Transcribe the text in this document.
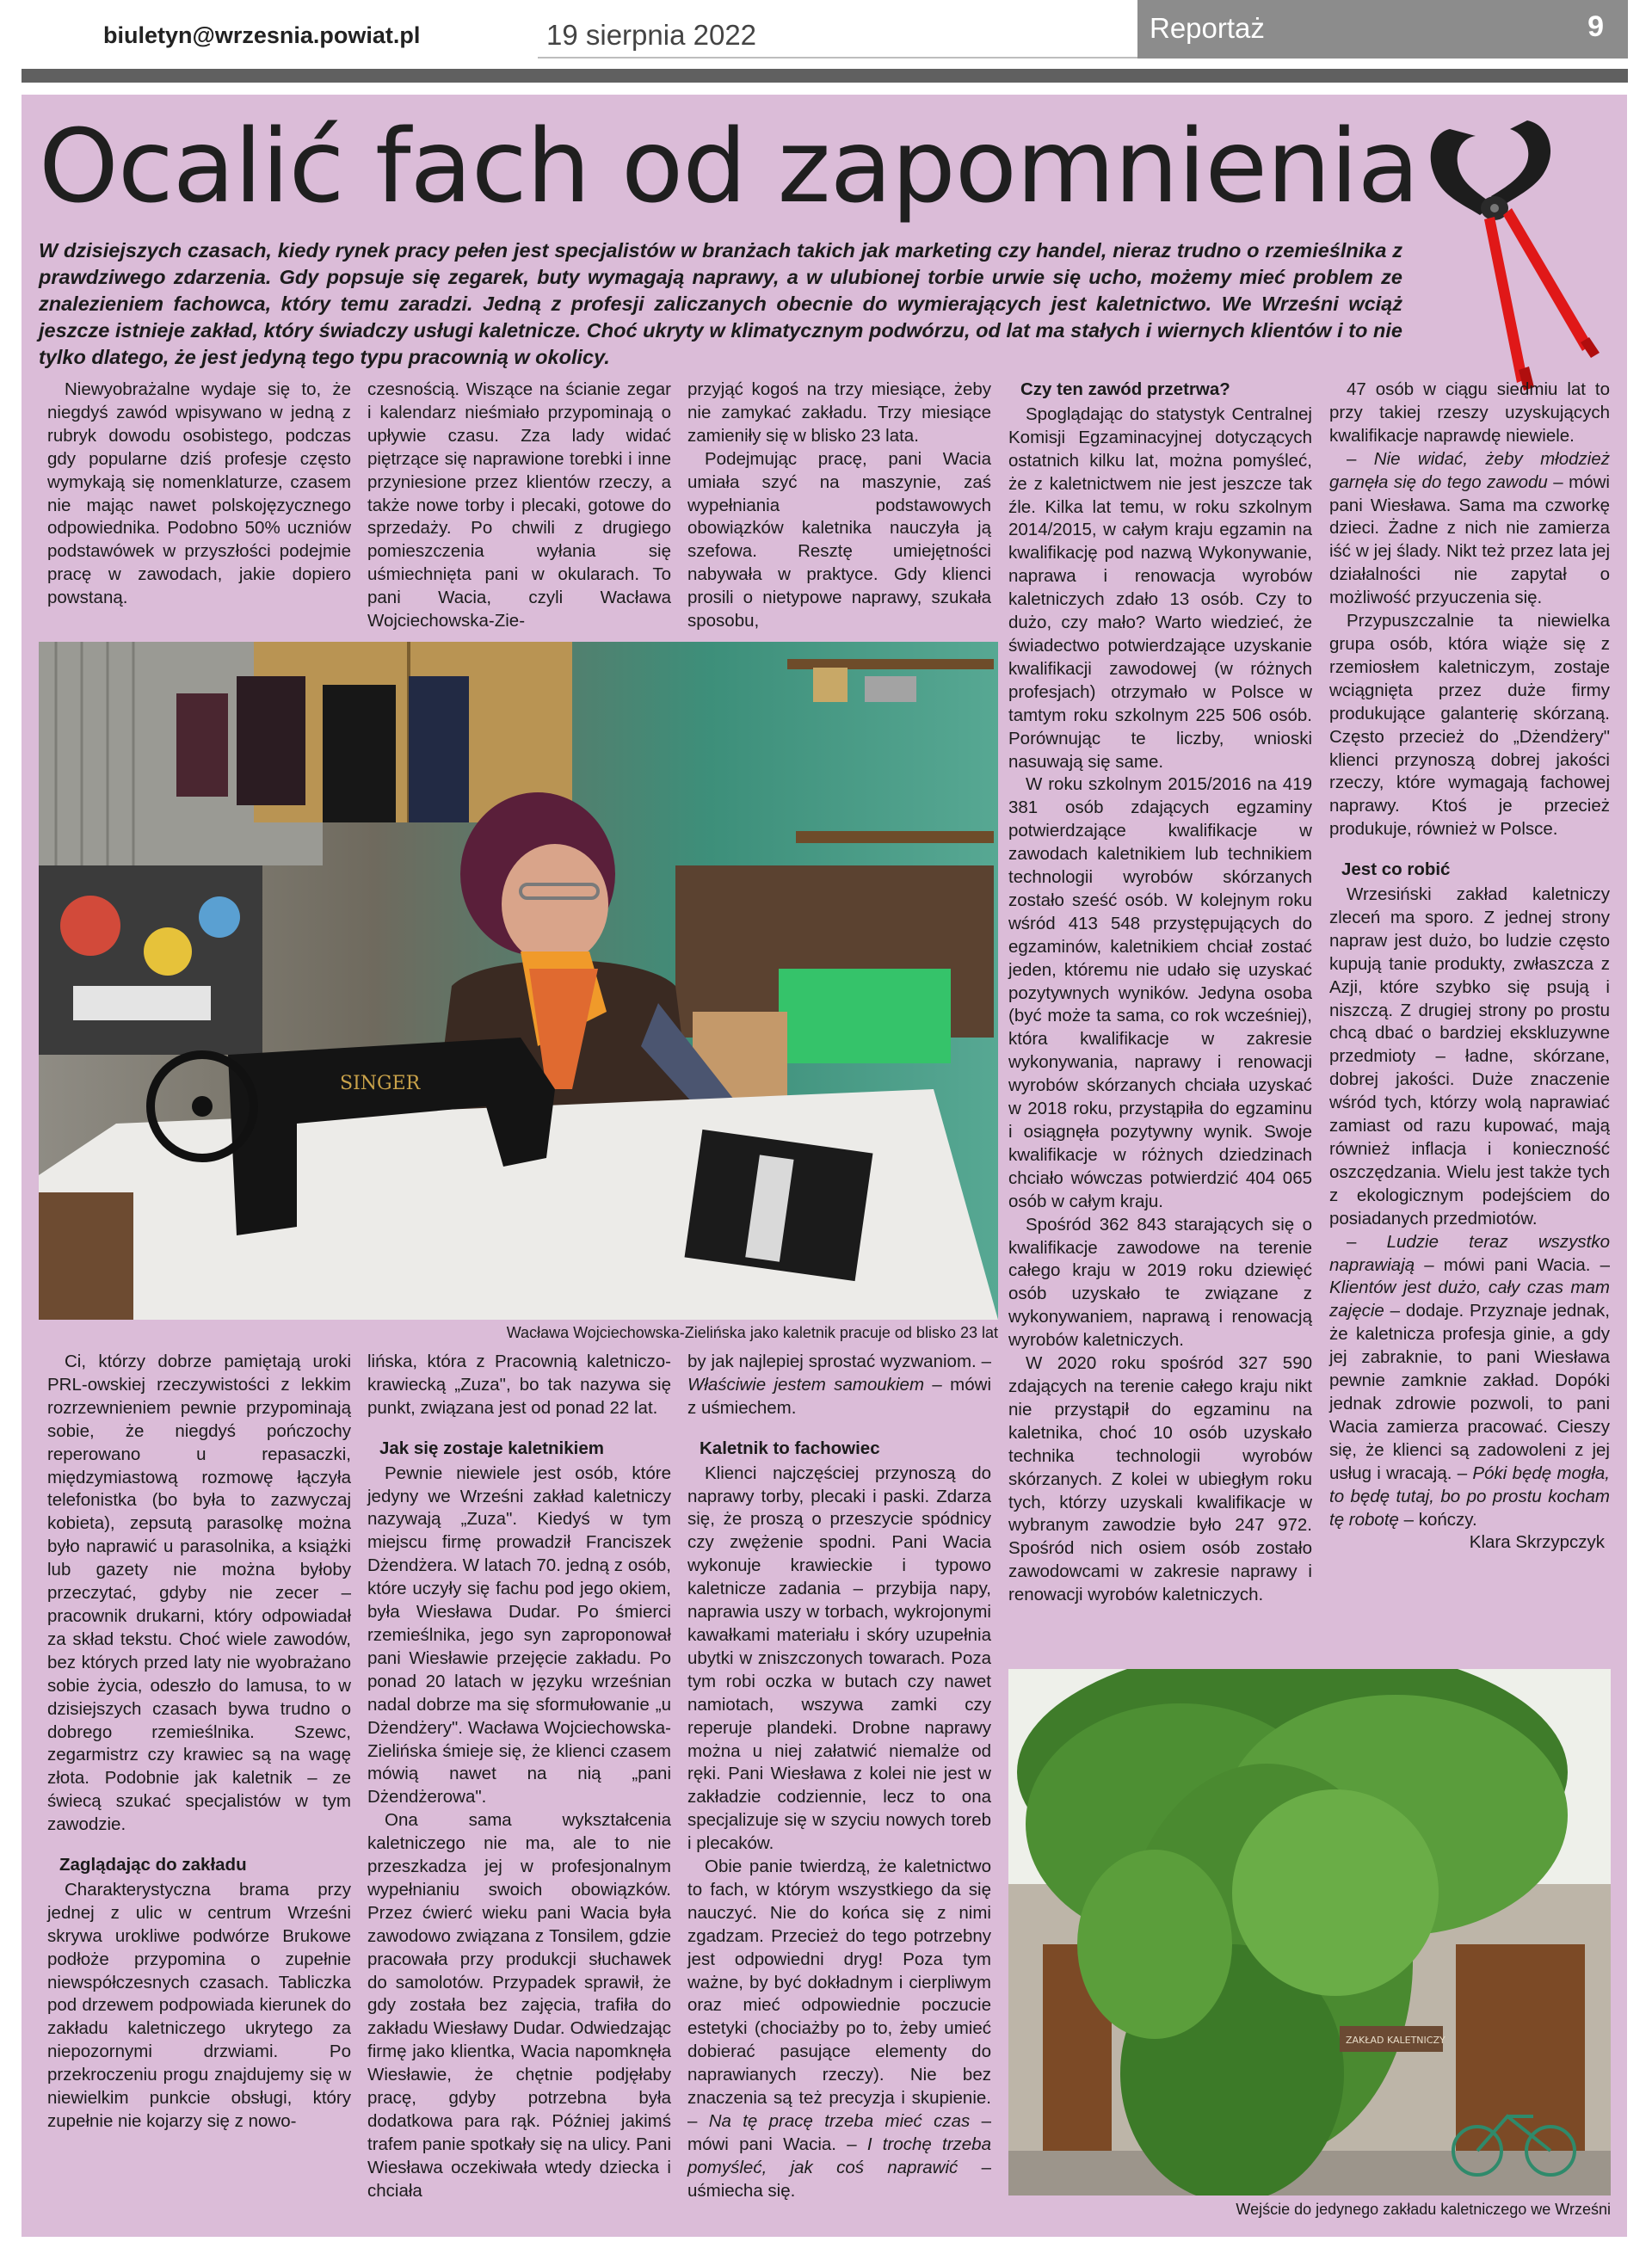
biuletyn@wrzesnia.powiat.pl	19 sierpnia 2022	Reportaż	9
Ocalić fach od zapomnienia

W dzisiejszych czasach, kiedy rynek pracy pełen jest specjalistów w branżach takich jak marketing czy handel, nieraz trudno o rzemieślnika z prawdziwego zdarzenia. Gdy popsuje się zegarek, buty wymagają naprawy, a w ulubionej torbie urwie się ucho, możemy mieć problem ze znalezieniem fachowca, który temu zaradzi. Jedną z profesji zaliczanych obecnie do wymierających jest kaletnictwo. We Wrześni wciąż jeszcze istnieje zakład, który świadczy usługi kaletnicze. Choć ukryty w klimatycznym podwórzu, od lat ma stałych i wiernych klientów i to nie tylko dlatego, że jest jedyną tego typu pracownią w okolicy.

Niewyobrażalne wydaje się to, że niegdyś zawód wpisywano w jedną z rubryk dowodu osobistego, podczas gdy popularne dziś profesje często wymykają się nomenklaturze, czasem nie mając nawet polskojęzycznego odpowiednika. Podobno 50% uczniów podstawówek w przyszłości podejmie pracę w zawodach, jakie dopiero powstaną.

czesnością. Wiszące na ścianie zegar i kalendarz nieśmiało przypominają o upływie czasu. Zza lady widać piętrzące się naprawione torebki i inne przyniesione przez klientów rzeczy, a także nowe torby i plecaki, gotowe do sprzedaży. Po chwili z drugiego pomieszczenia wyłania się uśmiechnięta pani w okularach. To pani Wacia, czyli Wacława Wojciechowska-Zie-

przyjąć kogoś na trzy miesiące, żeby nie zamykać zakładu. Trzy miesiące zamieniły się w blisko 23 lata.

Podejmując pracę, pani Wacia umiała szyć na maszynie, zaś wypełniania podstawowych obowiązków kaletnika nauczyła ją szefowa. Resztę umiejętności nabywała w praktyce. Gdy klienci prosili o nietypowe naprawy, szukała sposobu,

SINGER
Wacława Wojciechowska-Zielińska jako kaletnik pracuje od blisko 23 lat

Ci, którzy dobrze pamiętają uroki PRL-owskiej rzeczywistości z lekkim rozrzewnieniem pewnie przypominają sobie, że niegdyś pończochy reperowano u repasaczki, międzymiastową rozmowę łączyła telefonistka (bo była to zazwyczaj kobieta), zepsutą parasolkę można było naprawić u parasolnika, a książki lub gazety nie można byłoby przeczytać, gdyby nie zecer – pracownik drukarni, który odpowiadał za skład tekstu. Choć wiele zawodów, bez których przed laty nie wyobrażano sobie życia, odeszło do lamusa, to w dzisiejszych czasach bywa trudno o dobrego rzemieślnika. Szewc, zegarmistrz czy krawiec są na wagę złota. Podobnie jak kaletnik – ze świecą szukać specjalistów w tym zawodzie.

Zaglądając do zakładu

Charakterystyczna brama przy jednej z ulic w centrum Wrześni skrywa urokliwe podwórze Brukowe podłoże przypomina o zupełnie niewspółczesnych czasach. Tabliczka pod drzewem podpowiada kierunek do zakładu kaletniczego ukrytego za niepozornymi drzwiami. Po przekroczeniu progu znajdujemy się w niewielkim punkcie obsługi, który zupełnie nie kojarzy się z nowo-

lińska, która z Pracownią kaletniczo-krawiecką „Zuza", bo tak nazywa się punkt, związana jest od ponad 22 lat.

Jak się zostaje kaletnikiem

Pewnie niewiele jest osób, które jedyny we Wrześni zakład kaletniczy nazywają „Zuza". Kiedyś w tym miejscu firmę prowadził Franciszek Dżendżera. W latach 70. jedną z osób, które uczyły się fachu pod jego okiem, była Wiesława Dudar. Po śmierci rzemieślnika, jego syn zaproponował pani Wiesławie przejęcie zakładu. Po ponad 20 latach w języku wrześnian nadal dobrze ma się sformułowanie „u Dżendżery". Wacława Wojciechowska-Zielińska śmieje się, że klienci czasem mówią nawet na nią „pani Dżendżerowa".

Ona sama wykształcenia kaletniczego nie ma, ale to nie przeszkadza jej w profesjonalnym wypełnianiu swoich obowiązków. Przez ćwierć wieku pani Wacia była zawodowo związana z Tonsilem, gdzie pracowała przy produkcji słuchawek do samolotów. Przypadek sprawił, że gdy została bez zajęcia, trafiła do zakładu Wiesławy Dudar. Odwiedzając firmę jako klientka, Wacia napomknęła Wiesławie, że chętnie podjęłaby pracę, gdyby potrzebna była dodatkowa para rąk. Później jakimś trafem panie spotkały się na ulicy. Pani Wiesława oczekiwała wtedy dziecka i chciała

by jak najlepiej sprostać wyzwaniom. – Właściwie jestem samoukiem – mówi z uśmiechem.

Kaletnik to fachowiec

Klienci najczęściej przynoszą do naprawy torby, plecaki i paski. Zdarza się, że proszą o przeszycie spódnicy czy zwężenie spodni. Pani Wacia wykonuje krawieckie i typowo kaletnicze zadania – przybija napy, naprawia uszy w torbach, wykrojonymi kawałkami materiału i skóry uzupełnia ubytki w zniszczonych towarach. Poza tym robi oczka w butach czy nawet namiotach, wszywa zamki czy reperuje plandeki. Drobne naprawy można u niej załatwić niemalże od ręki. Pani Wiesława z kolei nie jest w zakładzie codziennie, lecz to ona specjalizuje się w szyciu nowych toreb i plecaków.

Obie panie twierdzą, że kaletnictwo to fach, w którym wszystkiego da się nauczyć. Nie do końca się z nimi zgadzam. Przecież do tego potrzebny jest odpowiedni dryg! Poza tym ważne, by być dokładnym i cierpliwym oraz mieć odpowiednie poczucie estetyki (chociażby po to, żeby umieć dobierać pasujące elementy do naprawianych rzeczy). Nie bez znaczenia są też precyzja i skupienie. – Na tę pracę trzeba mieć czas – mówi pani Wacia. – I trochę trzeba pomyśleć, jak coś naprawić – uśmiecha się.

Czy ten zawód przetrwa?

Spoglądając do statystyk Centralnej Komisji Egzaminacyjnej dotyczących ostatnich kilku lat, można pomyśleć, że z kaletnictwem nie jest jeszcze tak źle. Kilka lat temu, w roku szkolnym 2014/2015, w całym kraju egzamin na kwalifikację pod nazwą Wykonywanie, naprawa i renowacja wyrobów kaletniczych zdało 13 osób. Czy to dużo, czy mało? Warto wiedzieć, że świadectwo potwierdzające uzyskanie kwalifikacji zawodowej (w różnych profesjach) otrzymało w Polsce w tamtym roku szkolnym 225 506 osób. Porównując te liczby, wnioski nasuwają się same.

W roku szkolnym 2015/2016 na 419 381 osób zdających egzaminy potwierdzające kwalifikacje w zawodach kaletnikiem lub technikiem technologii wyrobów skórzanych zostało sześć osób. W kolejnym roku wśród 413 548 przystępujących do egzaminów, kaletnikiem chciał zostać jeden, któremu nie udało się uzyskać pozytywnych wyników. Jedyna osoba (być może ta sama, co rok wcześniej), która kwalifikacje w zakresie wykonywania, naprawy i renowacji wyrobów skórzanych chciała uzyskać w 2018 roku, przystąpiła do egzaminu i osiągnęła pozytywny wynik. Swoje kwalifikacje w różnych dziedzinach chciało wówczas potwierdzić 404 065 osób w całym kraju.

Spośród 362 843 starających się o kwalifikacje zawodowe na terenie całego kraju w 2019 roku dziewięć osób uzyskało te związane z wykonywaniem, naprawą i renowacją wyrobów kaletniczych.

W 2020 roku spośród 327 590 zdających na terenie całego kraju nikt nie przystąpił do egzaminu na kaletnika, choć 10 osób uzyskało technika technologii wyrobów skórzanych. Z kolei w ubiegłym roku tych, którzy uzyskali kwalifikacje w wybranym zawodzie było 247 972. Spośród nich osiem osób zostało zawodowcami w zakresie naprawy i renowacji wyrobów kaletniczych.

47 osób w ciągu siedmiu lat to przy takiej rzeszy uzyskujących kwalifikacje naprawdę niewiele.

– Nie widać, żeby młodzież garnęła się do tego zawodu – mówi pani Wiesława. Sama ma czworkę dzieci. Żadne z nich nie zamierza iść w jej ślady. Nikt też przez lata jej działalności nie zapytał o możliwość przyuczenia się.

Przypuszczalnie ta niewielka grupa osób, która wiąże się z rzemiosłem kaletniczym, zostaje wciągnięta przez duże firmy produkujące galanterię skórzaną. Często przecież do „Dżendżery" klienci przynoszą dobrej jakości rzeczy, które wymagają fachowej naprawy. Ktoś je przecież produkuje, również w Polsce.

Jest co robić

Wrzesiński zakład kaletniczy zleceń ma sporo. Z jednej strony napraw jest dużo, bo ludzie często kupują tanie produkty, zwłaszcza z Azji, które szybko się psują i niszczą. Z drugiej strony po prostu chcą dbać o bardziej ekskluzywne przedmioty – ładne, skórzane, dobrej jakości. Duże znaczenie wśród tych, którzy wolą naprawiać zamiast od razu kupować, mają również inflacja i konieczność oszczędzania. Wielu jest także tych z ekologicznym podejściem do posiadanych przedmiotów.

– Ludzie teraz wszystko naprawiają – mówi pani Wacia. – Klientów jest dużo, cały czas mam zajęcie – dodaje. Przyznaje jednak, że kaletnicza profesja ginie, a gdy jej zabraknie, to pani Wiesława pewnie zamknie zakład. Dopóki jednak zdrowie pozwoli, to pani Wacia zamierza pracować. Cieszy się, że klienci są zadowoleni z jej usług i wracają. – Póki będę mogła, to będę tutaj, bo po prostu kocham tę robotę – kończy.

Klara Skrzypczyk

ZAKŁAD KALETNICZY
Wejście do jedynego zakładu kaletniczego we Wrześni
